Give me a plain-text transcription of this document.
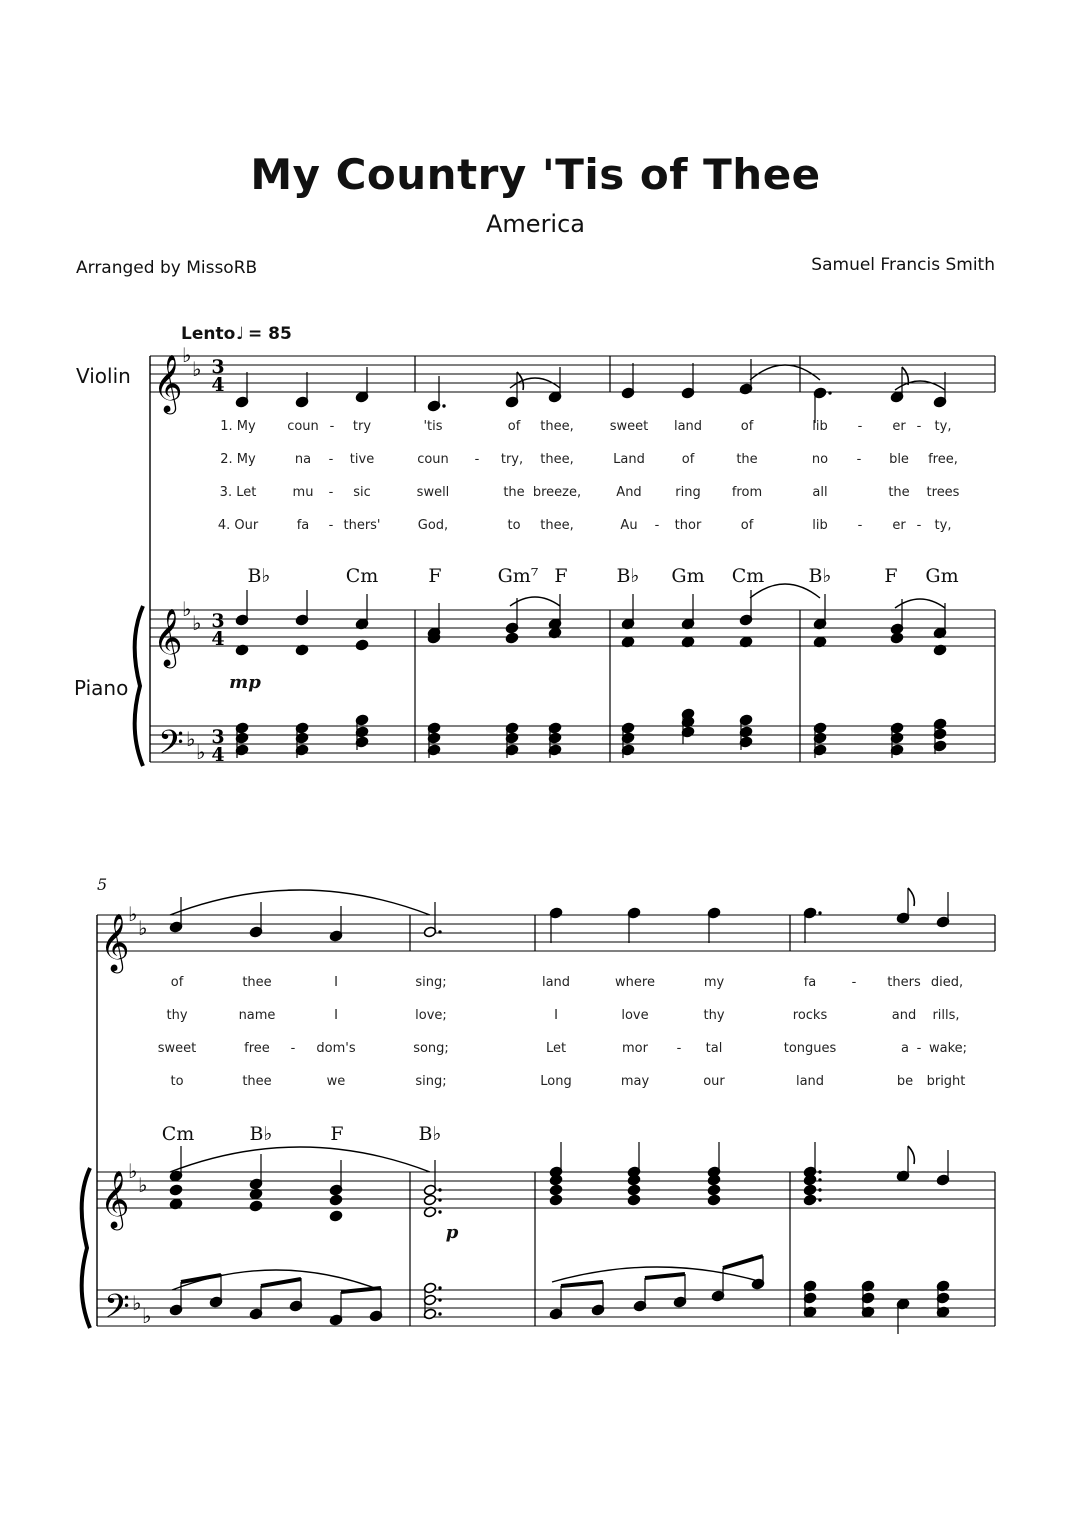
My Country 'Tis of Thee
America
Arranged by MissoRB	Samuel Francis Smith
Violin
Piano
Lento ♩ = 85
𝄞 ♭
♭ 3
4
𝄞 ♭
♭ 3
4
𝄢 ♭
♭
3
4
B♭	Cm	F	Gm⁷ F	B♭ Gm Cm B♭	F Gm
1. My coun - try	'tis	of thee,	sweet land	of	lib - er - ty,
2. My	na - tive	coun - try, thee,	Land	of	the	no - ble free,
3. Let	mu - sic	swell	the breeze,	And	ring from	all	the trees
4. Our	fa - thers'	God,	to thee,	Au - thor	of	lib - er - ty,
mp
5
𝄞
♭
♭
𝄞
♭
♭
𝄢 ♭
♭
Cm	B♭	F	B♭
of	thee	I	sing;	land	where	my	fa	- thers died,
thy	name	I	love;	I	love	thy	rocks	and rills,
sweet	free - dom's	song;	Let	mor - tal	tongues	a - wake;
to	thee	we	sing;	Long	may	our	land	be bright
p
